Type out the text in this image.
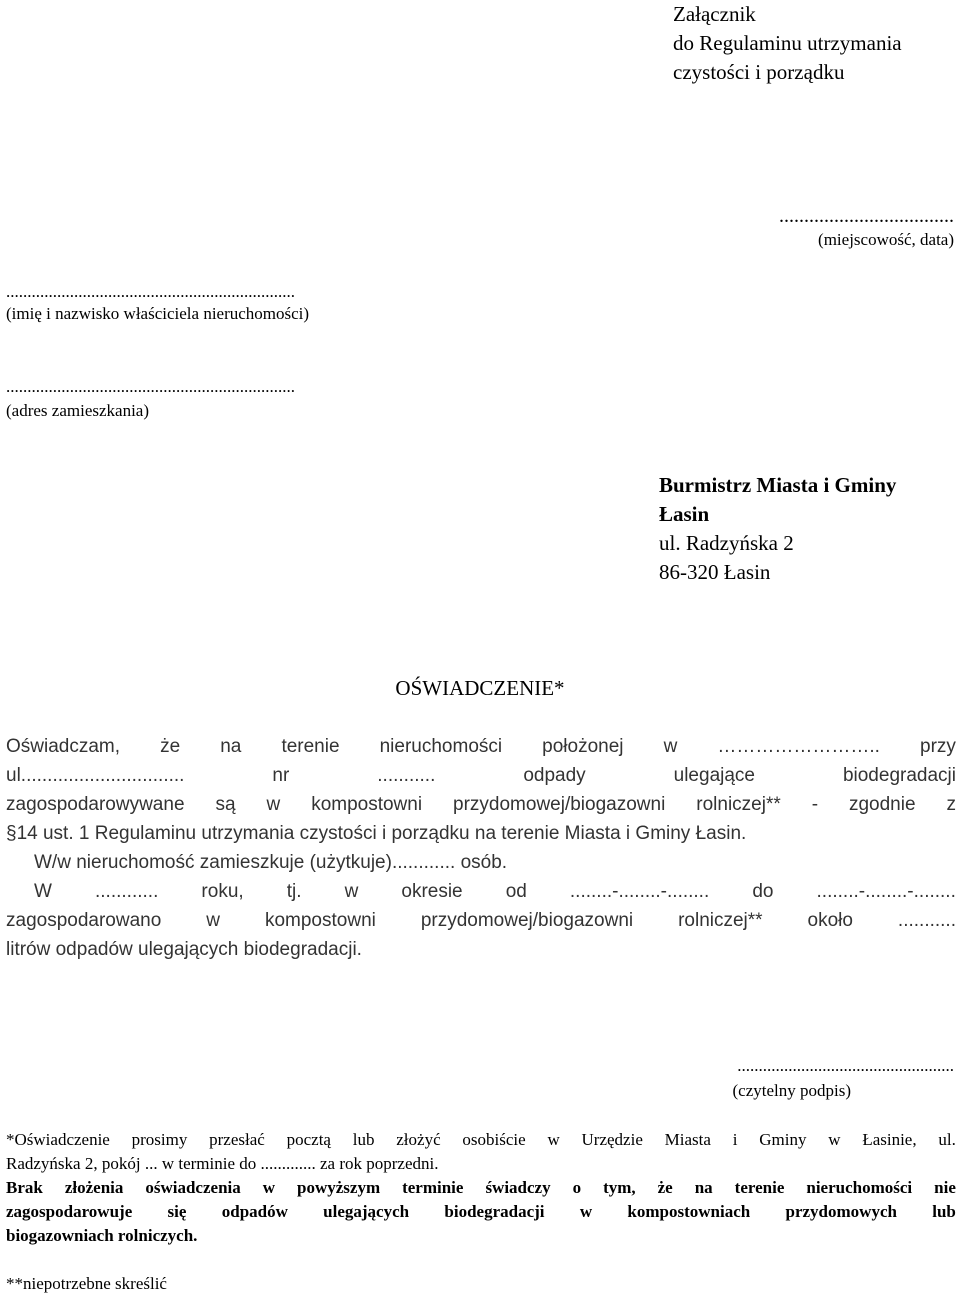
Załącznik
do Regulaminu utrzymania
czystości i porządku
...................................
(miejscowość, data)
....................................................................
(imię i nazwisko właściciela nieruchomości)
....................................................................
(adres zamieszkania)
Burmistrz Miasta i Gminy
Łasin
ul. Radzyńska 2
86-320 Łasin
OŚWIADCZENIE*
Oświadczam, że na terenie nieruchomości położonej w …………………….. przy
ul...............................	nr	...........	odpady	ulegające	biodegradacji
zagospodarowywane są w kompostowni przydomowej/biogazowni rolniczej** - zgodnie z
§14 ust. 1 Regulaminu utrzymania czystości i porządku na terenie Miasta i Gminy Łasin.
W/w nieruchomość zamieszkuje (użytkuje)............ osób.
W ............ roku, tj. w okresie od ........-........-........ do ........-........-........
zagospodarowano w kompostowni przydomowej/biogazowni rolniczej** około ...........
litrów odpadów ulegających biodegradacji.
...................................................
(czytelny podpis)
*Oświadczenie prosimy przesłać pocztą lub złożyć osobiście w Urzędzie Miasta i Gminy w Łasinie, ul.
Radzyńska 2, pokój ... w terminie do ............. za rok poprzedni.
Brak złożenia oświadczenia w powyższym terminie świadczy o tym, że na terenie nieruchomości nie
zagospodarowuje się odpadów ulegających biodegradacji w kompostowniach przydomowych lub
biogazowniach rolniczych.
**niepotrzebne skreślić
